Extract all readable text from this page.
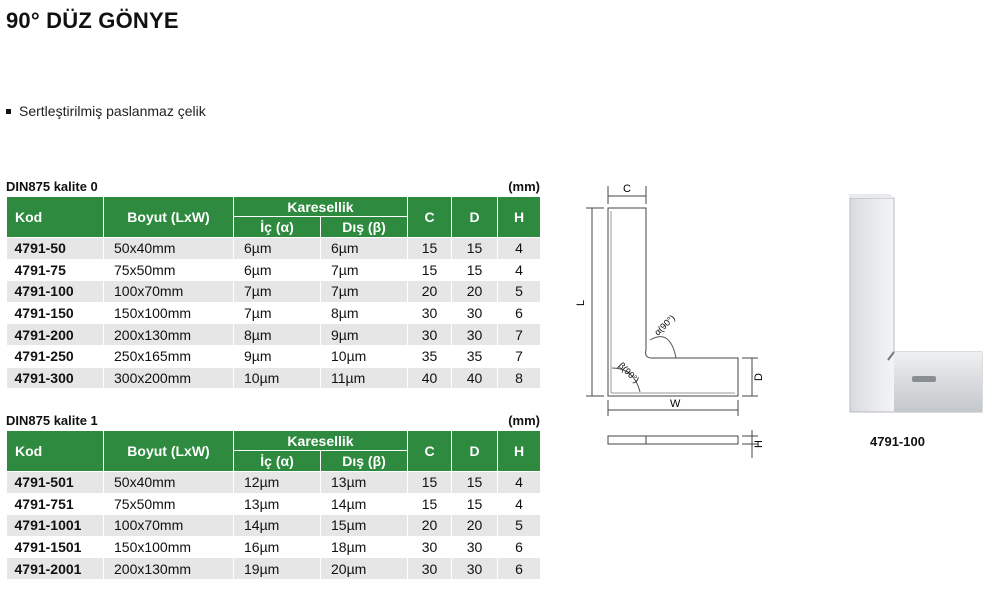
90° DÜZ GÖNYE
Sertleştirilmiş paslanmaz çelik
DIN875 kalite 0	(mm)
Kod	Boyut (LxW)	Karesellik		C	D	H
		İç (α)	Dış (β)			
4791-50	50x40mm	6µm	6µm	15	15	4
4791-75	75x50mm	6µm	7µm	15	15	4
4791-100	100x70mm	7µm	7µm	20	20	5
4791-150	150x100mm	7µm	8µm	30	30	6
4791-200	200x130mm	8µm	9µm	30	30	7
4791-250	250x165mm	9µm	10µm	35	35	7
4791-300	300x200mm	10µm	11µm	40	40	8
DIN875 kalite 1	(mm)
Kod	Boyut (LxW)	Karesellik		C	D	H
		İç (α)	Dış (β)			
4791-501	50x40mm	12µm	13µm	15	15	4
4791-751	75x50mm	13µm	14µm	15	15	4
4791-1001	100x70mm	14µm	15µm	20	20	5
4791-1501	150x100mm	16µm	18µm	30	30	6
4791-2001	200x130mm	19µm	20µm	30	30	6
C
L
W
D
H
α(90°)
β(90°)
4791-100
